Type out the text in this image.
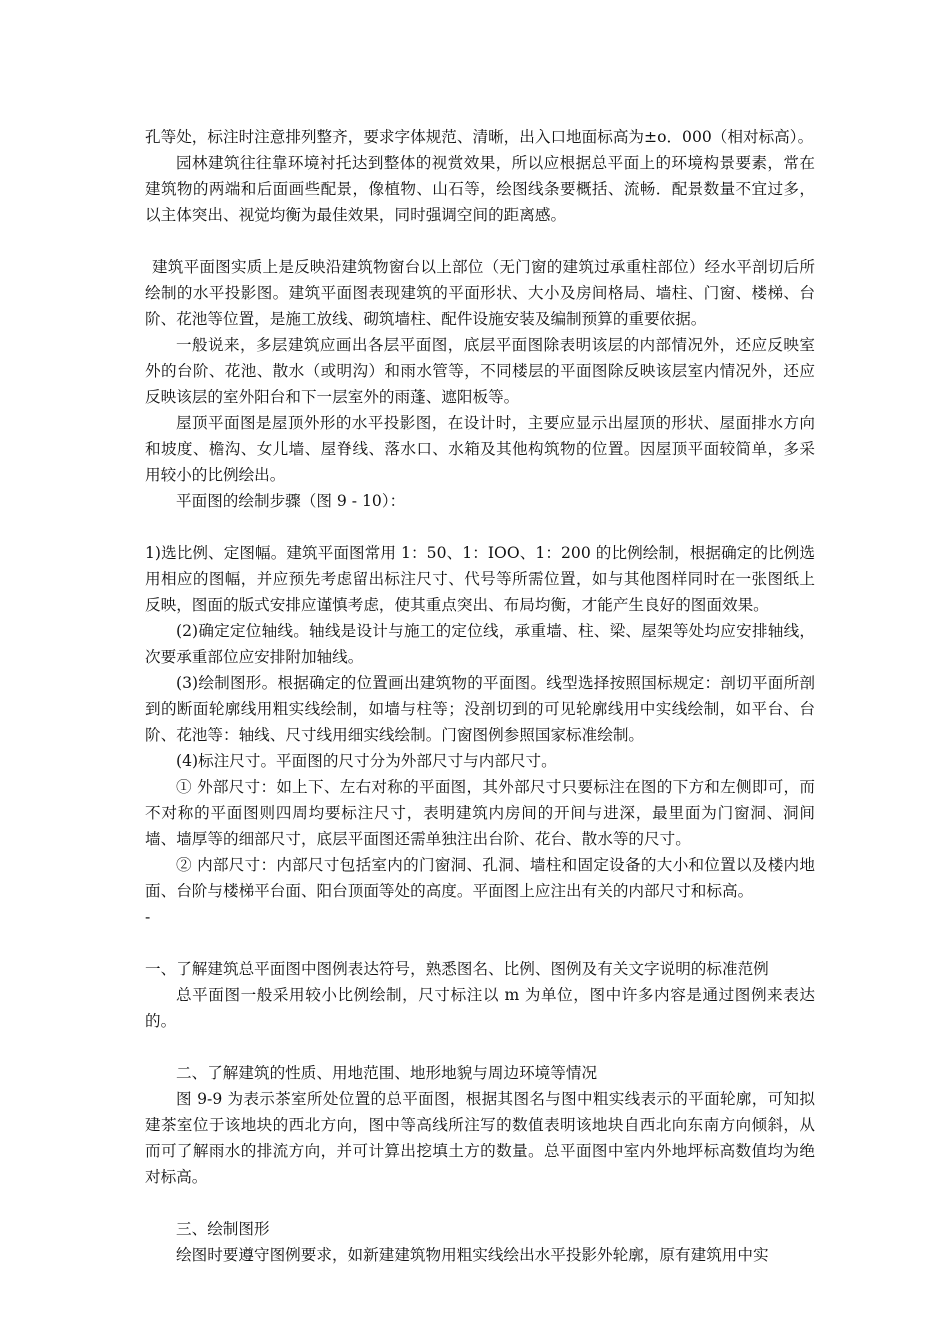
孔等处，标注时注意排列整齐，要求字体规范、清晰，出入口地面标高为±o．000（相对标高）。

园林建筑往往靠环境衬托达到整体的视赏效果，所以应根据总平面上的环境构景要素，常在建筑物的两端和后面画些配景，像植物、山石等，绘图线条要概括、流畅．配景数量不宜过多，以主体突出、视觉均衡为最佳效果，同时强调空间的距离感。

建筑平面图实质上是反映沿建筑物窗台以上部位（无门窗的建筑过承重柱部位）经水平剖切后所绘制的水平投影图。建筑平面图表现建筑的平面形状、大小及房间格局、墙柱、门窗、楼梯、台阶、花池等位置，是施工放线、砌筑墙柱、配件设施安装及编制预算的重要依据。

一般说来，多层建筑应画出各层平面图，底层平面图除表明该层的内部情况外，还应反映室外的台阶、花池、散水（或明沟）和雨水管等，不同楼层的平面图除反映该层室内情况外，还应反映该层的室外阳台和下一层室外的雨蓬、遮阳板等。

屋顶平面图是屋顶外形的水平投影图，在设计时，主要应显示出屋顶的形状、屋面排水方向和坡度、檐沟、女儿墙、屋脊线、落水口、水箱及其他构筑物的位置。因屋顶平面较简单，多采用较小的比例绘出。

平面图的绘制步骤（图 9 - 10）：

1)选比例、定图幅。建筑平面图常用 1：50、1：IOO、1：200 的比例绘制，根据确定的比例选用相应的图幅，并应预先考虑留出标注尺寸、代号等所需位置，如与其他图样同时在一张图纸上反映，图面的版式安排应谨慎考虑，使其重点突出、布局均衡，才能产生良好的图面效果。

(2)确定定位轴线。轴线是设计与施工的定位线，承重墙、柱、梁、屋架等处均应安排轴线，次要承重部位应安排附加轴线。

(3)绘制图形。根据确定的位置画出建筑物的平面图。线型选择按照国标规定：剖切平面所剖到的断面轮廓线用粗实线绘制，如墙与柱等；没剖切到的可见轮廓线用中实线绘制，如平台、台阶、花池等：轴线、尺寸线用细实线绘制。门窗图例参照国家标准绘制。

(4)标注尺寸。平面图的尺寸分为外部尺寸与内部尺寸。

① 外部尺寸：如上下、左右对称的平面图，其外部尺寸只要标注在图的下方和左侧即可，而不对称的平面图则四周均要标注尺寸，表明建筑内房间的开间与进深，最里面为门窗洞、洞间墙、墙厚等的细部尺寸，底层平面图还需单独注出台阶、花台、散水等的尺寸。

② 内部尺寸：内部尺寸包括室内的门窗洞、孔洞、墙柱和固定设备的大小和位置以及楼内地面、台阶与楼梯平台面、阳台顶面等处的高度。平面图上应注出有关的内部尺寸和标高。

-

一、了解建筑总平面图中图例表达符号，熟悉图名、比例、图例及有关文字说明的标准范例

总平面图一般采用较小比例绘制，尺寸标注以 m 为单位，图中许多内容是通过图例来表达的。

二、了解建筑的性质、用地范围、地形地貌与周边环境等情况

图 9-9 为表示茶室所处位置的总平面图，根据其图名与图中粗实线表示的平面轮廓，可知拟建茶室位于该地块的西北方向，图中等高线所注写的数值表明该地块自西北向东南方向倾斜，从而可了解雨水的排流方向，并可计算出挖填土方的数量。总平面图中室内外地坪标高数值均为绝对标高。

三、绘制图形

绘图时要遵守图例要求，如新建建筑物用粗实线绘出水平投影外轮廓，原有建筑用中实
